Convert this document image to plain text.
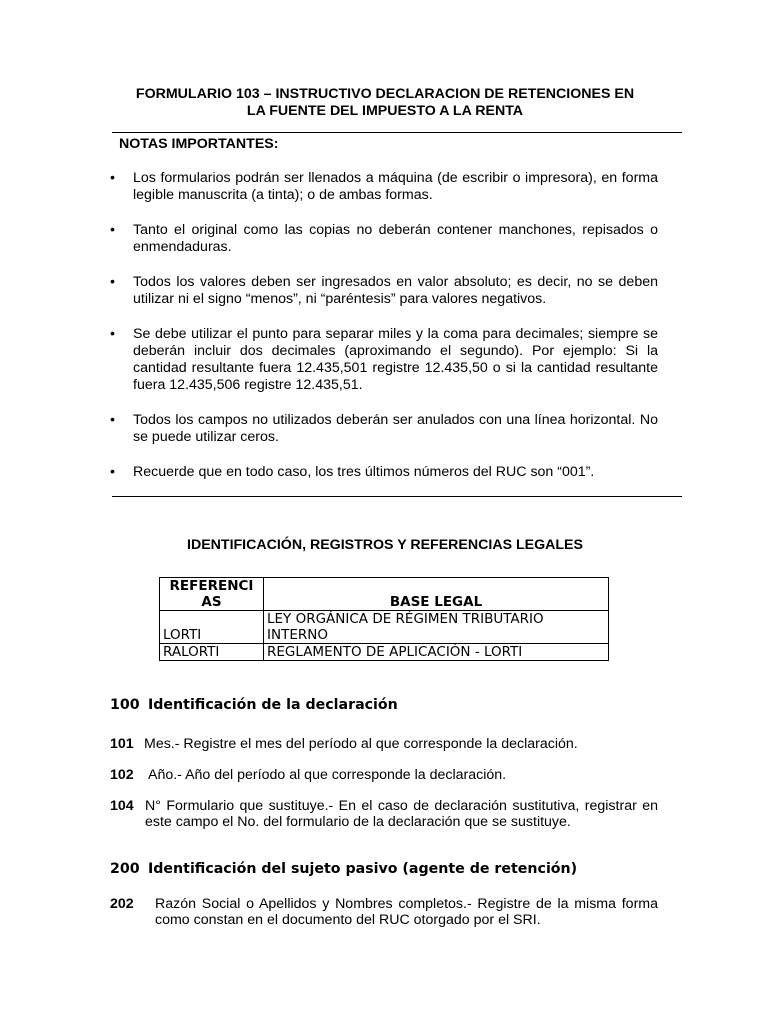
FORMULARIO 103 – INSTRUCTIVO DECLARACION DE RETENCIONES EN
LA FUENTE DEL IMPUESTO A LA RENTA
NOTAS IMPORTANTES:
• Los formularios podrán ser llenados a máquina (de escribir o impresora), en forma legible manuscrita (a tinta); o de ambas formas.
• Tanto el original como las copias no deberán contener manchones, repisados o enmendaduras.
• Todos los valores deben ser ingresados en valor absoluto; es decir, no se deben utilizar ni el signo “menos”, ni “paréntesis” para valores negativos.
• Se debe utilizar el punto para separar miles y la coma para decimales; siempre se deberán incluir dos decimales (aproximando el segundo). Por ejemplo: Si la cantidad resultante fuera 12.435,501 registre 12.435,50 o si la cantidad resultante fuera 12.435,506 registre 12.435,51.
• Todos los campos no utilizados deberán ser anulados con una línea horizontal. No se puede utilizar ceros.
• Recuerde que en todo caso, los tres últimos números del RUC son “001”.
IDENTIFICACIÓN, REGISTROS Y REFERENCIAS LEGALES
REFERENCI
AS	BASE LEGAL
LORTI	LEY ORGÁNICA DE RÉGIMEN TRIBUTARIO
INTERNO
RALORTI	REGLAMENTO DE APLICACIÓN - LORTI
100 Identificación de la declaración
101 Mes.- Registre el mes del período al que corresponde la declaración.
102 Año.- Año del período al que corresponde la declaración.
104 N° Formulario que sustituye.- En el caso de declaración sustitutiva, registrar en este campo el No. del formulario de la declaración que se sustituye.
200 Identificación del sujeto pasivo (agente de retención)
202 Razón Social o Apellidos y Nombres completos.- Registre de la misma forma como constan en el documento del RUC otorgado por el SRI.
